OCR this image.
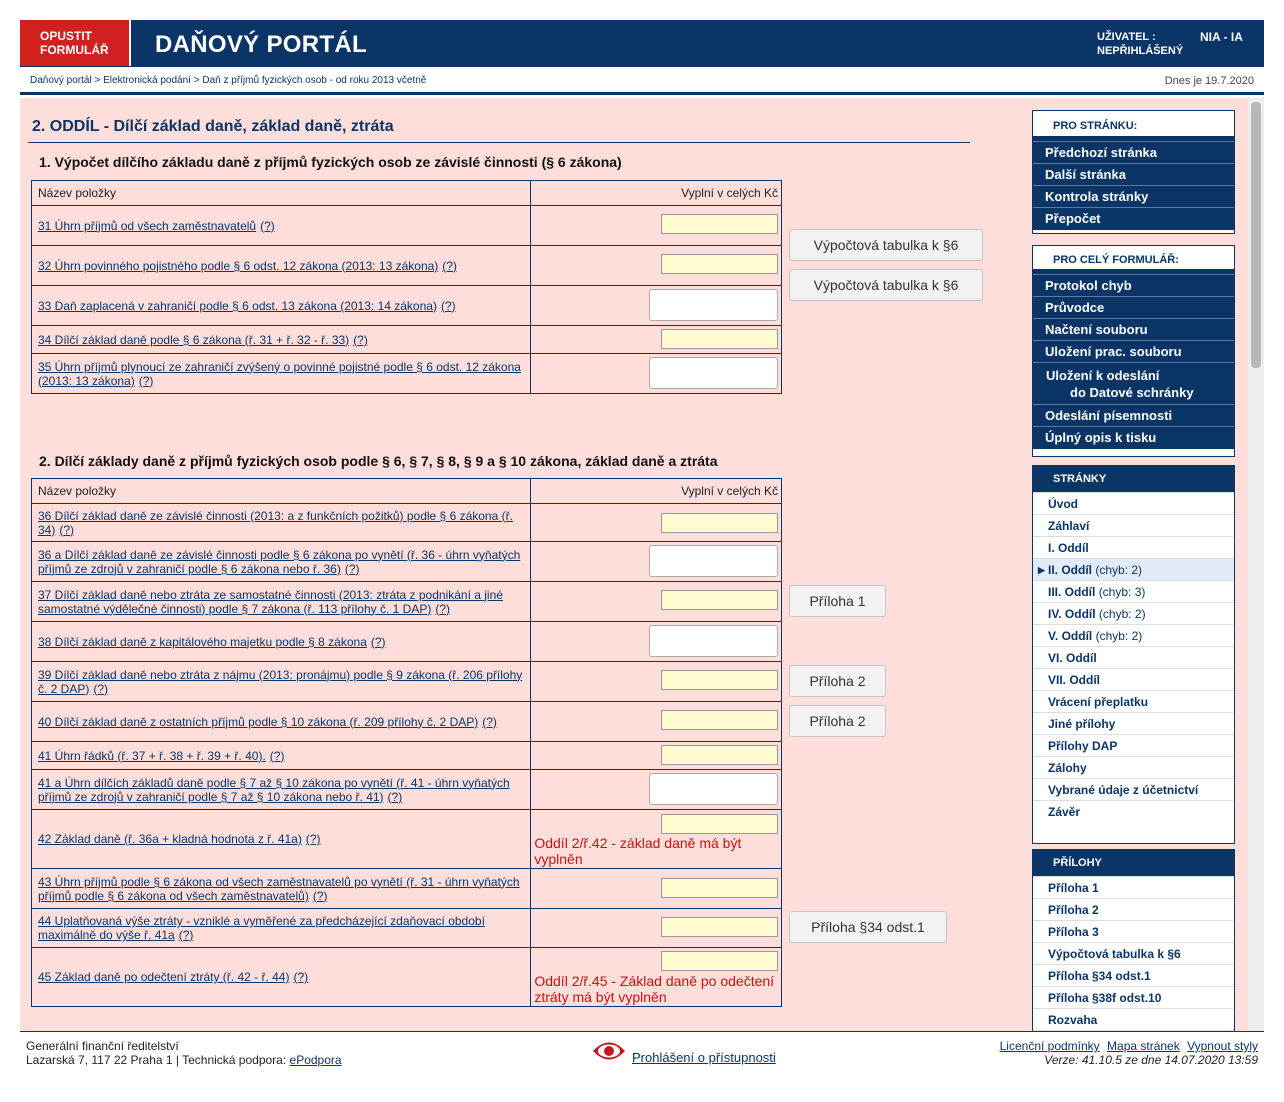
OPUSTIT
FORMULÁŘ	DAŇOVÝ PORTÁL	UŽIVATEL :
NEPŘIHLÁŠENÝ
NIA - IA
Daňový portál > Elektronická podání > Daň z příjmů fyzických osob - od roku 2013 včetně	Dnes je 19.7.2020
2. ODDÍL - Dílčí základ daně, základ daně, ztráta
1. Výpočet dílčího základu daně z příjmů fyzických osob ze závislé činnosti (§ 6 zákona)
Název položky	Vyplní v celých Kč
31 Úhrn příjmů od všech zaměstnavatelů (?)	

32 Úhrn povinného pojistného podle § 6 odst. 12 zákona (2013: 13 zákona) (?)	

33 Daň zaplacená v zahraničí podle § 6 odst. 13 zákona (2013: 14 zákona) (?)	

34 Dílčí základ daně podle § 6 zákona (ř. 31 + ř. 32 - ř. 33) (?)	

35 Úhrn příjmů plynoucí ze zahraničí zvýšený o povinné pojistné podle § 6 odst. 12 zákona (2013: 13 zákona) (?)	
Výpočtová tabulka k §6
Výpočtová tabulka k §6
2. Dílčí základy daně z příjmů fyzických osob podle § 6, § 7, § 8, § 9 a § 10 zákona, základ daně a ztráta
Název položky	Vyplní v celých Kč
36 Dílčí základ daně ze závislé činnosti (2013: a z funkčních požitků) podle § 6 zákona (ř. 34) (?)	

36 a Dílčí základ daně ze závislé činnosti podle § 6 zákona po vynětí (ř. 36 - úhrn vyňatých příjmů ze zdrojů v zahraničí podle § 6 zákona nebo ř. 36) (?)	

37 Dílčí základ daně nebo ztráta ze samostatné činnosti (2013: ztráta z podnikání a jiné samostatné výdělečné činnosti) podle § 7 zákona (ř. 113 přílohy č. 1 DAP) (?)	

38 Dílčí základ daně z kapitálového majetku podle § 8 zákona (?)	

39 Dílčí základ daně nebo ztráta z nájmu (2013: pronájmu) podle § 9 zákona (ř. 206 přílohy č. 2 DAP) (?)	

40 Dílčí základ daně z ostatních příjmů podle § 10 zákona (ř. 209 přílohy č. 2 DAP) (?)	

41 Úhrn řádků (ř. 37 + ř. 38 + ř. 39 + ř. 40). (?)	

41 a Úhrn dílčích základů daně podle § 7 až § 10 zákona po vynětí (ř. 41 - úhrn vyňatých příjmů ze zdrojů v zahraničí podle § 7 až § 10 zákona nebo ř. 41) (?)	

42 Základ daně (ř. 36a + kladná hodnota z ř. 41a) (?)	Oddíl 2/ř.42 - základ daně má být vyplněn

43 Úhrn příjmů podle § 6 zákona od všech zaměstnavatelů po vynětí (ř. 31 - úhrn vyňatých příjmů podle § 6 zákona od všech zaměstnavatelů) (?)	

44 Uplatňovaná výše ztráty - vzniklé a vyměřené za předcházející zdaňovací období maximálně do výše ř. 41a (?)	

45 Základ daně po odečtení ztráty (ř. 42 - ř. 44) (?)	Oddíl 2/ř.45 - Základ daně po odečtení ztráty má být vyplněn
Příloha 1
Příloha 2
Příloha 2
Příloha §34 odst.1
PRO STRÁNKU:
Předchozí stránka
Další stránka
Kontrola stránky
Přepočet
PRO CELÝ FORMULÁŘ:
Protokol chyb
Průvodce
Načtení souboru
Uložení prac. souboru
Uložení k odeslání
do Datové schránky
Odeslání písemnosti
Úplný opis k tisku
STRÁNKY
Úvod
Záhlaví
I. Oddíl
▶ II. Oddíl (chyb: 2)
III. Oddíl (chyb: 3)
IV. Oddíl (chyb: 2)
V. Oddíl (chyb: 2)
VI. Oddíl
VII. Oddíl
Vrácení přeplatku
Jiné přílohy
Přílohy DAP
Zálohy
Vybrané údaje z účetnictví
Závěr
PŘÍLOHY
Příloha 1
Příloha 2
Příloha 3
Výpočtová tabulka k §6
Příloha §34 odst.1
Příloha §38f odst.10
Rozvaha
Generální finanční ředitelství
Lazarská 7, 117 22 Praha 1 | Technická podpora: ePodpora	Prohlášení o přístupnosti
Licenční podmínky Mapa stránek Vypnout styly
Verze: 41.10.5 ze dne 14.07.2020 13:59
